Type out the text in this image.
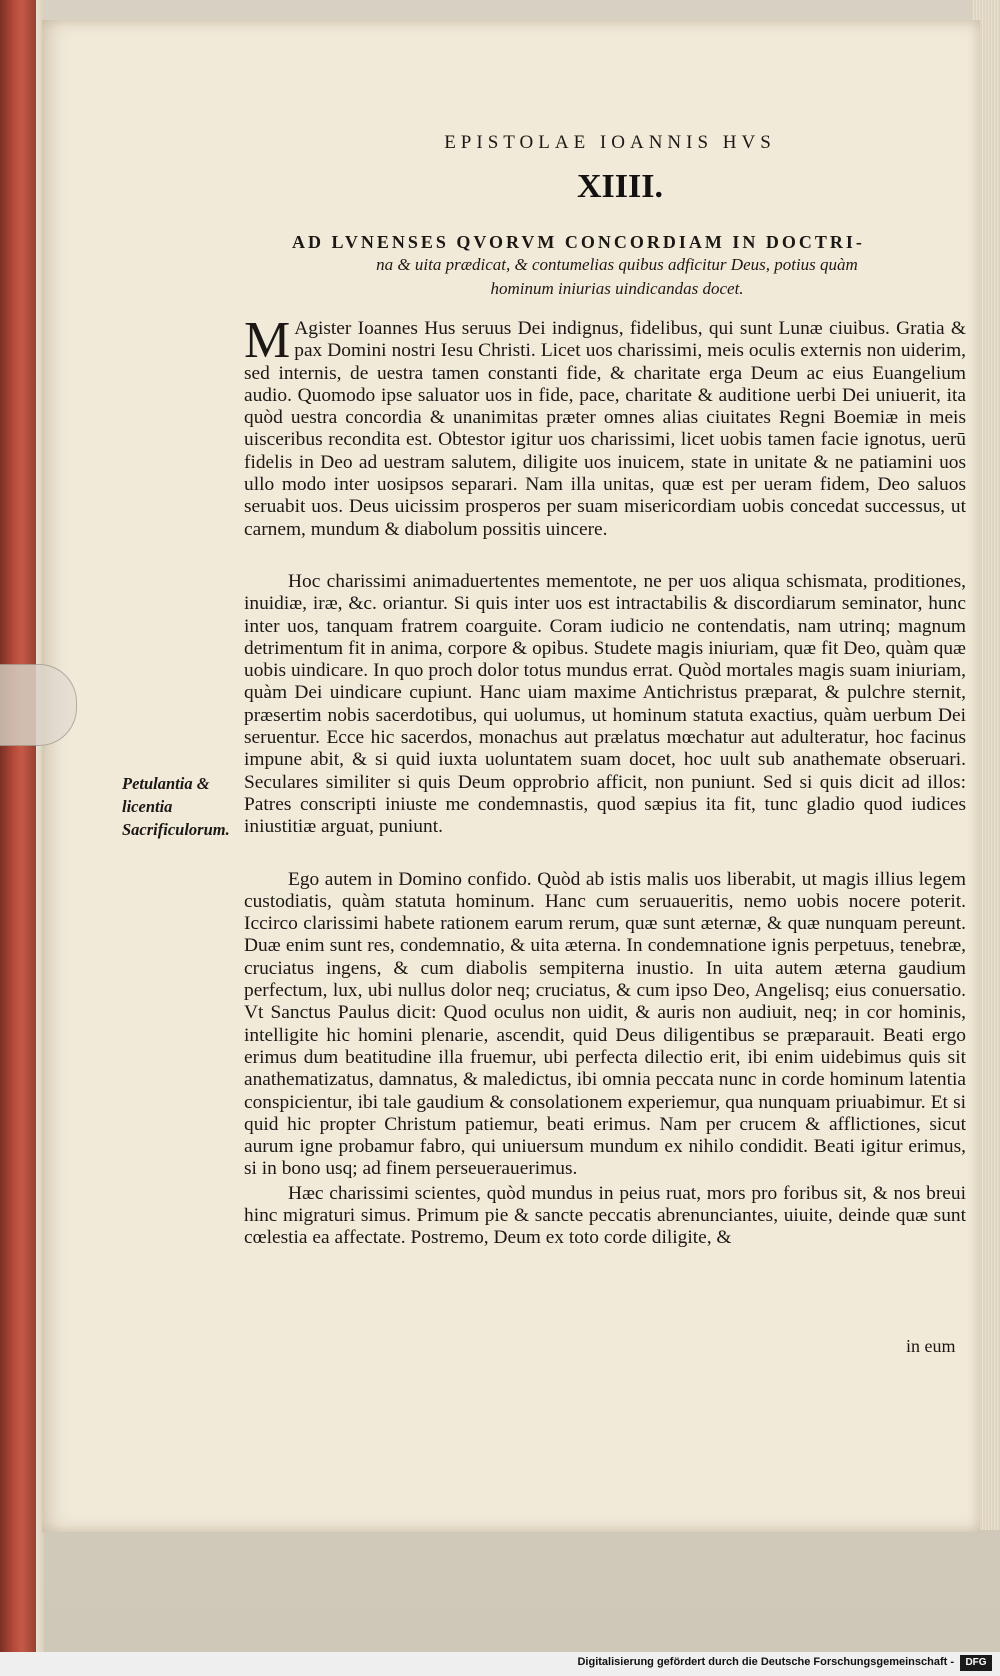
EPISTOLAE IOANNIS HVS
XIIII.
AD LVNENSES QVORVM CONCORDIAM IN DOCTRI-
na & uita prædicat, & contumelias quibus adficitur Deus, potius quàm
hominum iniurias uindicandas docet.

M Agister Ioannes Hus seruus Dei indignus, fidelibus, qui sunt Lunæ ciuibus. Gratia & pax Domini nostri Iesu Christi. Licet uos charissimi, meis oculis externis non uiderim, sed internis, de uestra tamen constanti fide, & charitate erga Deum ac eius Euangelium audio. Quomodo ipse saluator uos in fide, pace, charitate & auditione uerbi Dei uniuerit, ita quòd uestra concordia & unanimitas præter omnes alias ciuitates Regni Boemiæ in meis uisceribus recondita est. Obtestor igitur uos charissimi, licet uobis tamen facie ignotus, uerū fidelis in Deo ad uestram salutem, diligite uos inuicem, state in unitate & ne patiamini uos ullo modo inter uosipsos separari. Nam illa unitas, quæ est per ueram fidem, Deo saluos seruabit uos. Deus uicissim prosperos per suam misericordiam uobis concedat successus, ut carnem, mundum & diabolum possitis uincere.

Hoc charissimi animaduertentes mementote, ne per uos aliqua schismata, proditiones, inuidiæ, iræ, &c. oriantur. Si quis inter uos est intractabilis & discordiarum seminator, hunc inter uos, tanquam fratrem coarguite. Coram iudicio ne contendatis, nam utrinq; magnum detrimentum fit in anima, corpore & opibus. Studete magis iniuriam, quæ fit Deo, quàm quæ uobis uindicare. In quo proch dolor totus mundus errat. Quòd mortales magis suam iniuriam, quàm Dei uindicare cupiunt. Hanc uiam maxime Antichristus præparat, & pulchre sternit, præsertim nobis sacerdotibus, qui uolumus, ut hominum statuta exactius, quàm uerbum Dei seruentur. Ecce hic sacerdos, monachus aut prælatus mœchatur aut adulteratur, hoc facinus impune abit, & si quid iuxta uoluntatem suam docet, hoc uult sub anathemate obseruari. Seculares similiter si quis Deum opprobrio afficit, non puniunt. Sed si quis dicit ad illos: Patres conscripti iniuste me condemnastis, quod sæpius ita fit, tunc gladio quod iudices iniustitiæ arguat, puniunt.

Ego autem in Domino confido. Quòd ab istis malis uos liberabit, ut magis illius legem custodiatis, quàm statuta hominum. Hanc cum seruaueritis, nemo uobis nocere poterit. Iccirco clarissimi habete rationem earum rerum, quæ sunt æternæ, & quæ nunquam pereunt. Duæ enim sunt res, condemnatio, & uita æterna. In condemnatione ignis perpetuus, tenebræ, cruciatus ingens, & cum diabolis sempiterna inustio. In uita autem æterna gaudium perfectum, lux, ubi nullus dolor neq; cruciatus, & cum ipso Deo, Angelisq; eius conuersatio. Vt Sanctus Paulus dicit: Quod oculus non uidit, & auris non audiuit, neq; in cor hominis, intelligite hic homini plenarie, ascendit, quid Deus diligentibus se præparauit. Beati ergo erimus dum beatitudine illa fruemur, ubi perfecta dilectio erit, ibi enim uidebimus quis sit anathematizatus, damnatus, & maledictus, ibi omnia peccata nunc in corde hominum latentia conspicientur, ibi tale gaudium & consolationem experiemur, qua nunquam priuabimur. Et si quid hic propter Christum patiemur, beati erimus. Nam per crucem & afflictiones, sicut aurum igne probamur fabro, qui uniuersum mundum ex nihilo condidit. Beati igitur erimus, si in bono usq; ad finem perseuerauerimus.

Hæc charissimi scientes, quòd mundus in peius ruat, mors pro foribus sit, & nos breui hinc migraturi simus. Primum pie & sancte peccatis abrenunciantes, uiuite, deinde quæ sunt cœlestia ea affectate. Postremo, Deum ex toto corde diligite, &

Petulantia & licentia Sacrificulorum.
in eum
Digitalisierung gefördert durch die Deutsche Forschungsgemeinschaft -	DFG
